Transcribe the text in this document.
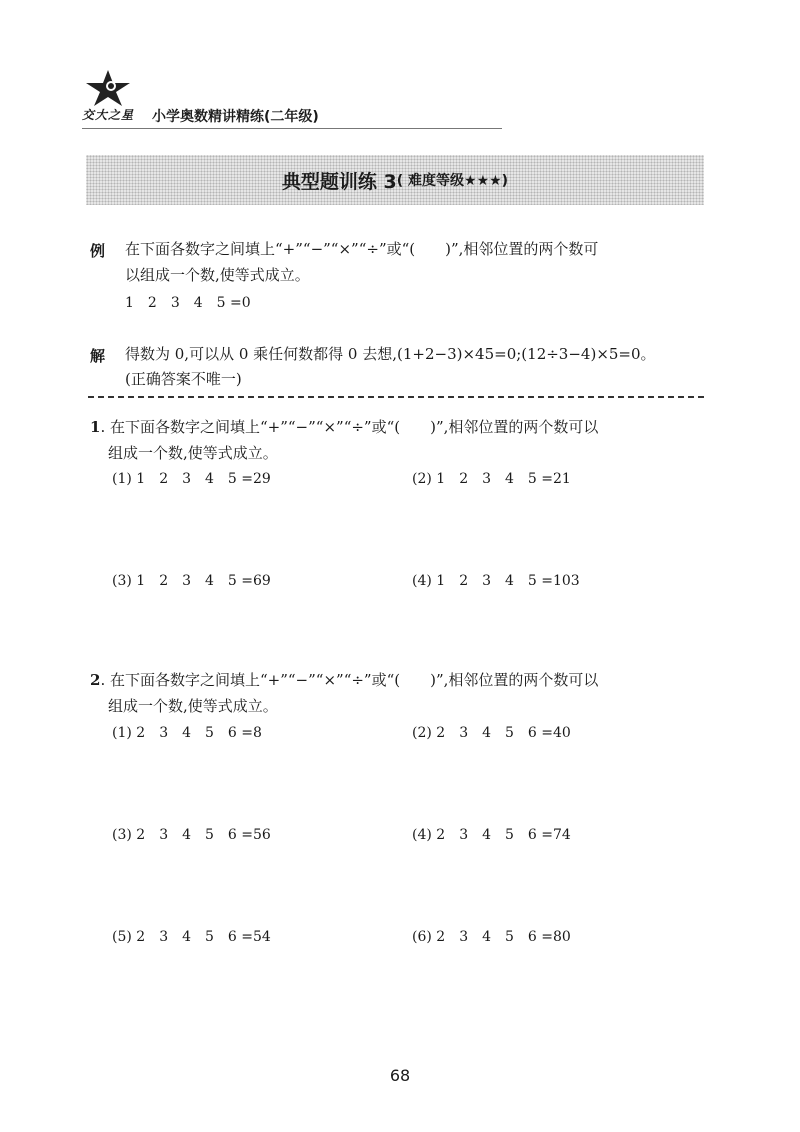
交大之星 小学奥数精讲精练(二年级)
典型题训练 3 ( 难度等级★★★)
例 在下面各数字之间填上“+”“−”“×”“÷”或“(　　)”,相邻位置的两个数可
以组成一个数,使等式成立。
1　2　3　4　5 =0
解 得数为 0,可以从 0 乘任何数都得 0 去想,(1+2−3)×45=0;(12÷3−4)×5=0。
(正确答案不唯一)
1. 在下面各数字之间填上“+”“−”“×”“÷”或“(　　)”,相邻位置的两个数可以
组成一个数,使等式成立。
(1) 1　2　3　4　5 =29	(2) 1　2　3　4　5 =21
(3) 1　2　3　4　5 =69	(4) 1　2　3　4　5 =103
2. 在下面各数字之间填上“+”“−”“×”“÷”或“(　　)”,相邻位置的两个数可以
组成一个数,使等式成立。
(1) 2　3　4　5　6 =8	(2) 2　3　4　5　6 =40
(3) 2　3　4　5　6 =56	(4) 2　3　4　5　6 =74
(5) 2　3　4　5　6 =54	(6) 2　3　4　5　6 =80
68
